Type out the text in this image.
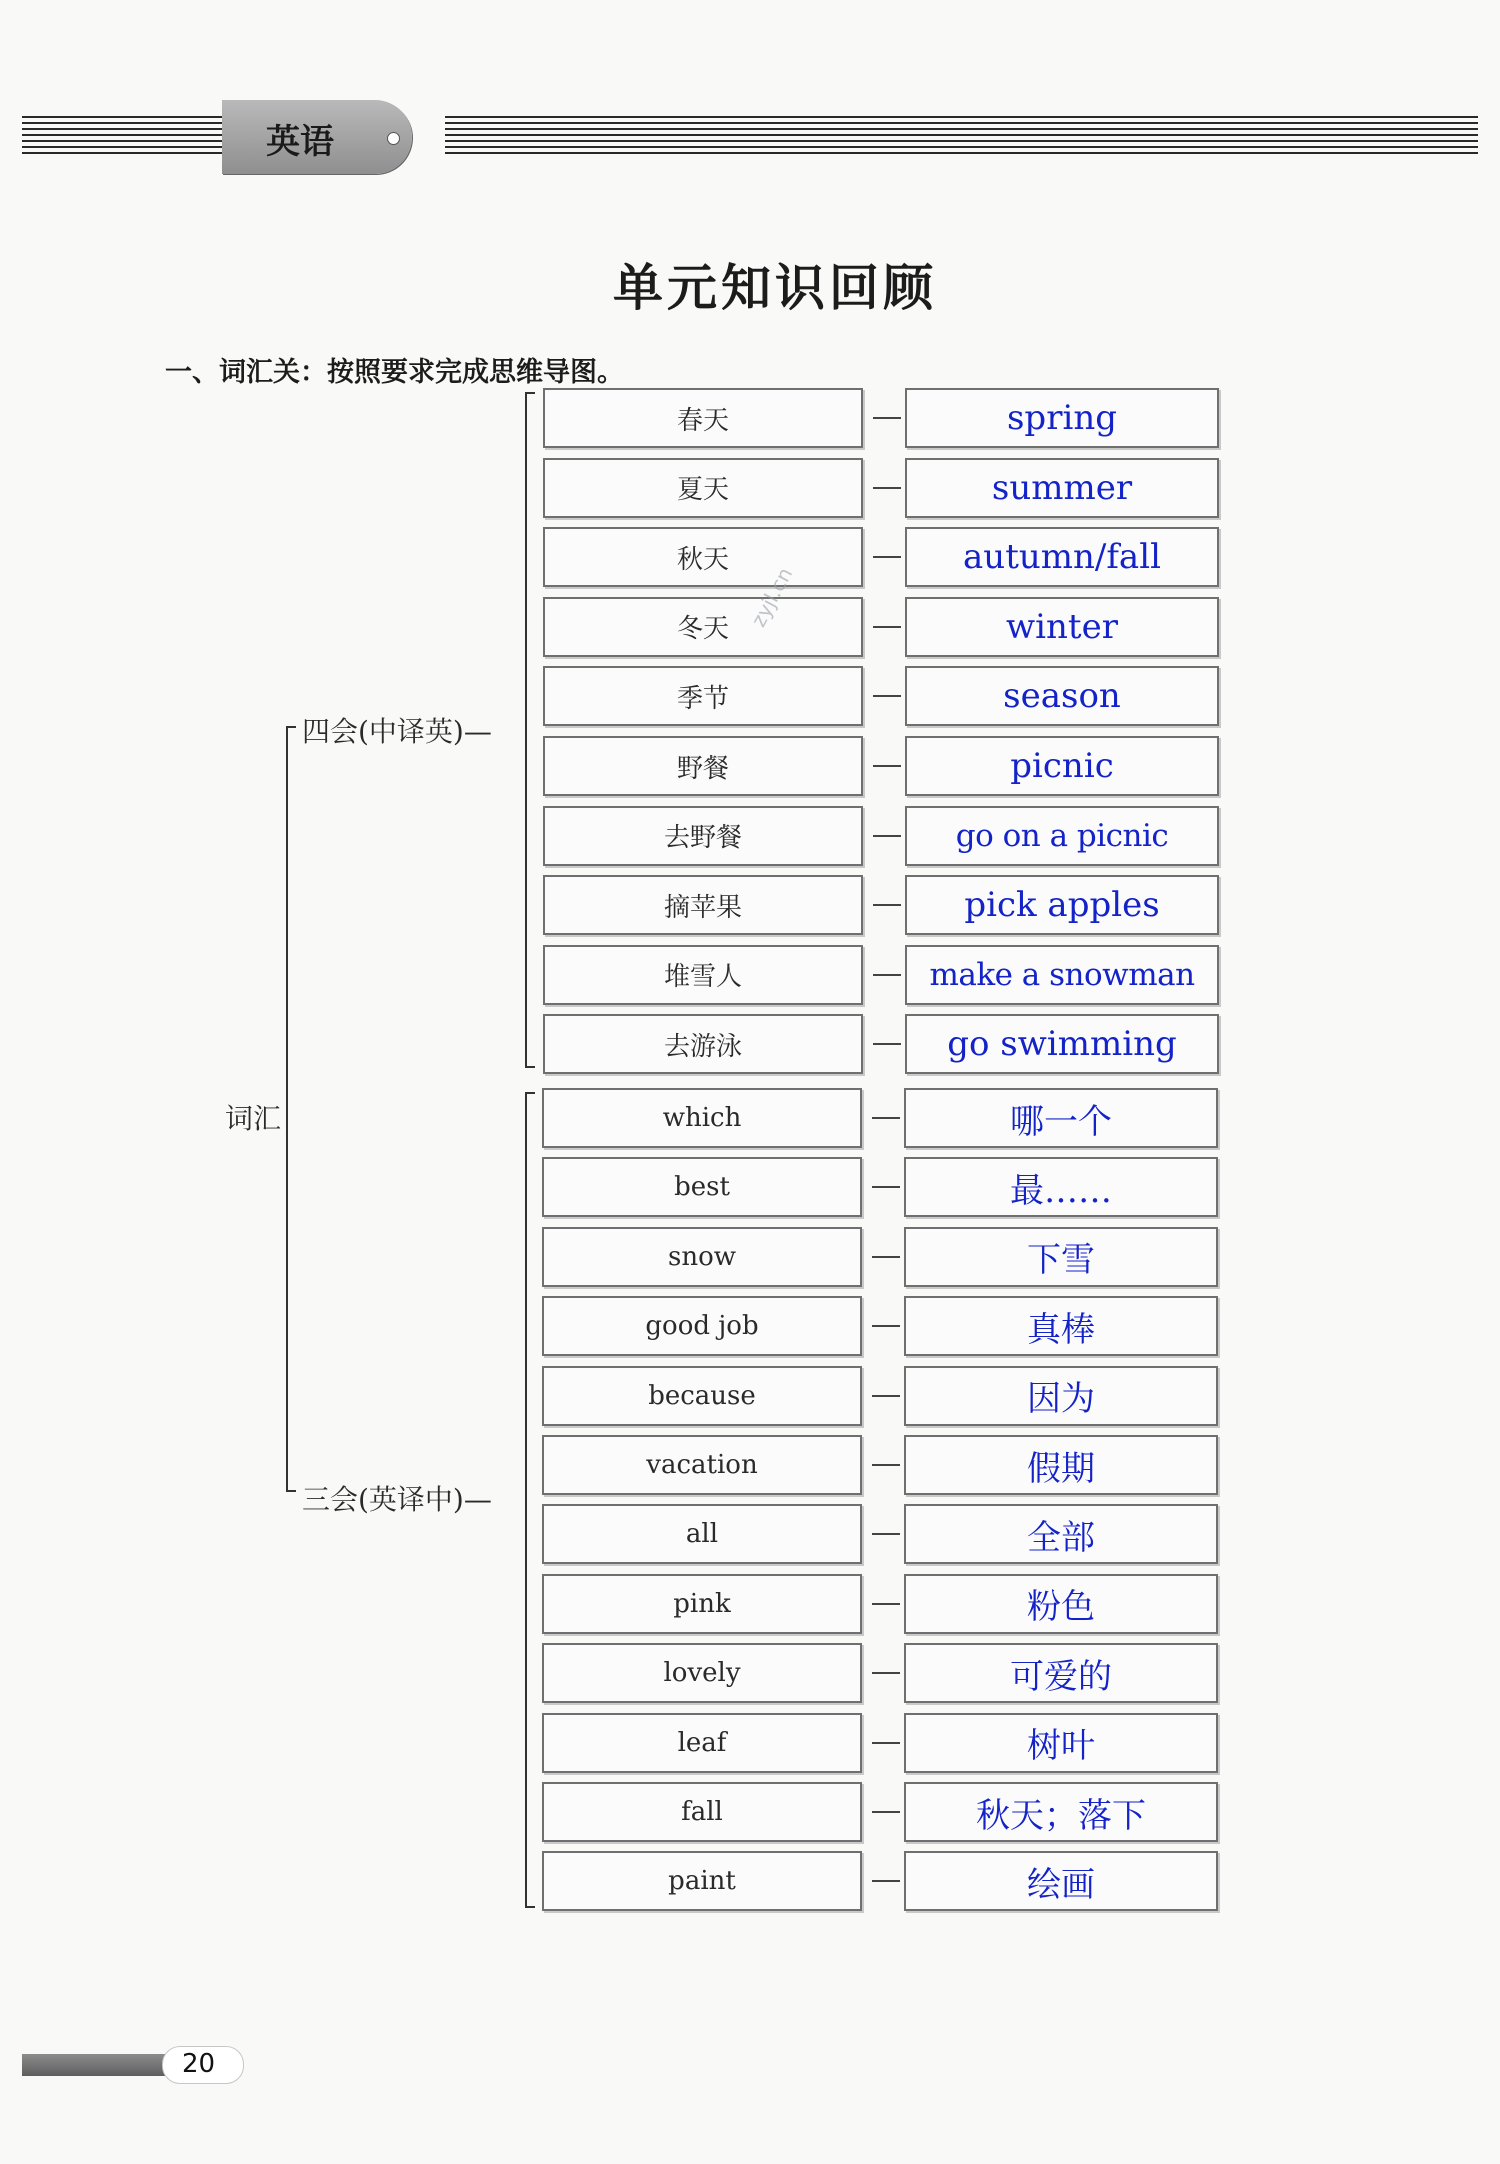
英语
单元知识回顾
一、词汇关：按照要求完成思维导图。
词汇
四会(中译英)—
三会(英译中)—
春天	spring
夏天	summer
秋天	autumn/fall
冬天	winter
季节	season
野餐	picnic
去野餐	go on a picnic
摘苹果	pick apples
堆雪人	make a snowman
去游泳	go swimming
which	哪一个
best	最……
snow	下雪
good job	真棒
because	因为
vacation	假期
all	全部
pink	粉色
lovely	可爱的
leaf	树叶
fall	秋天；落下
paint	绘画
zyjl.cn
20
